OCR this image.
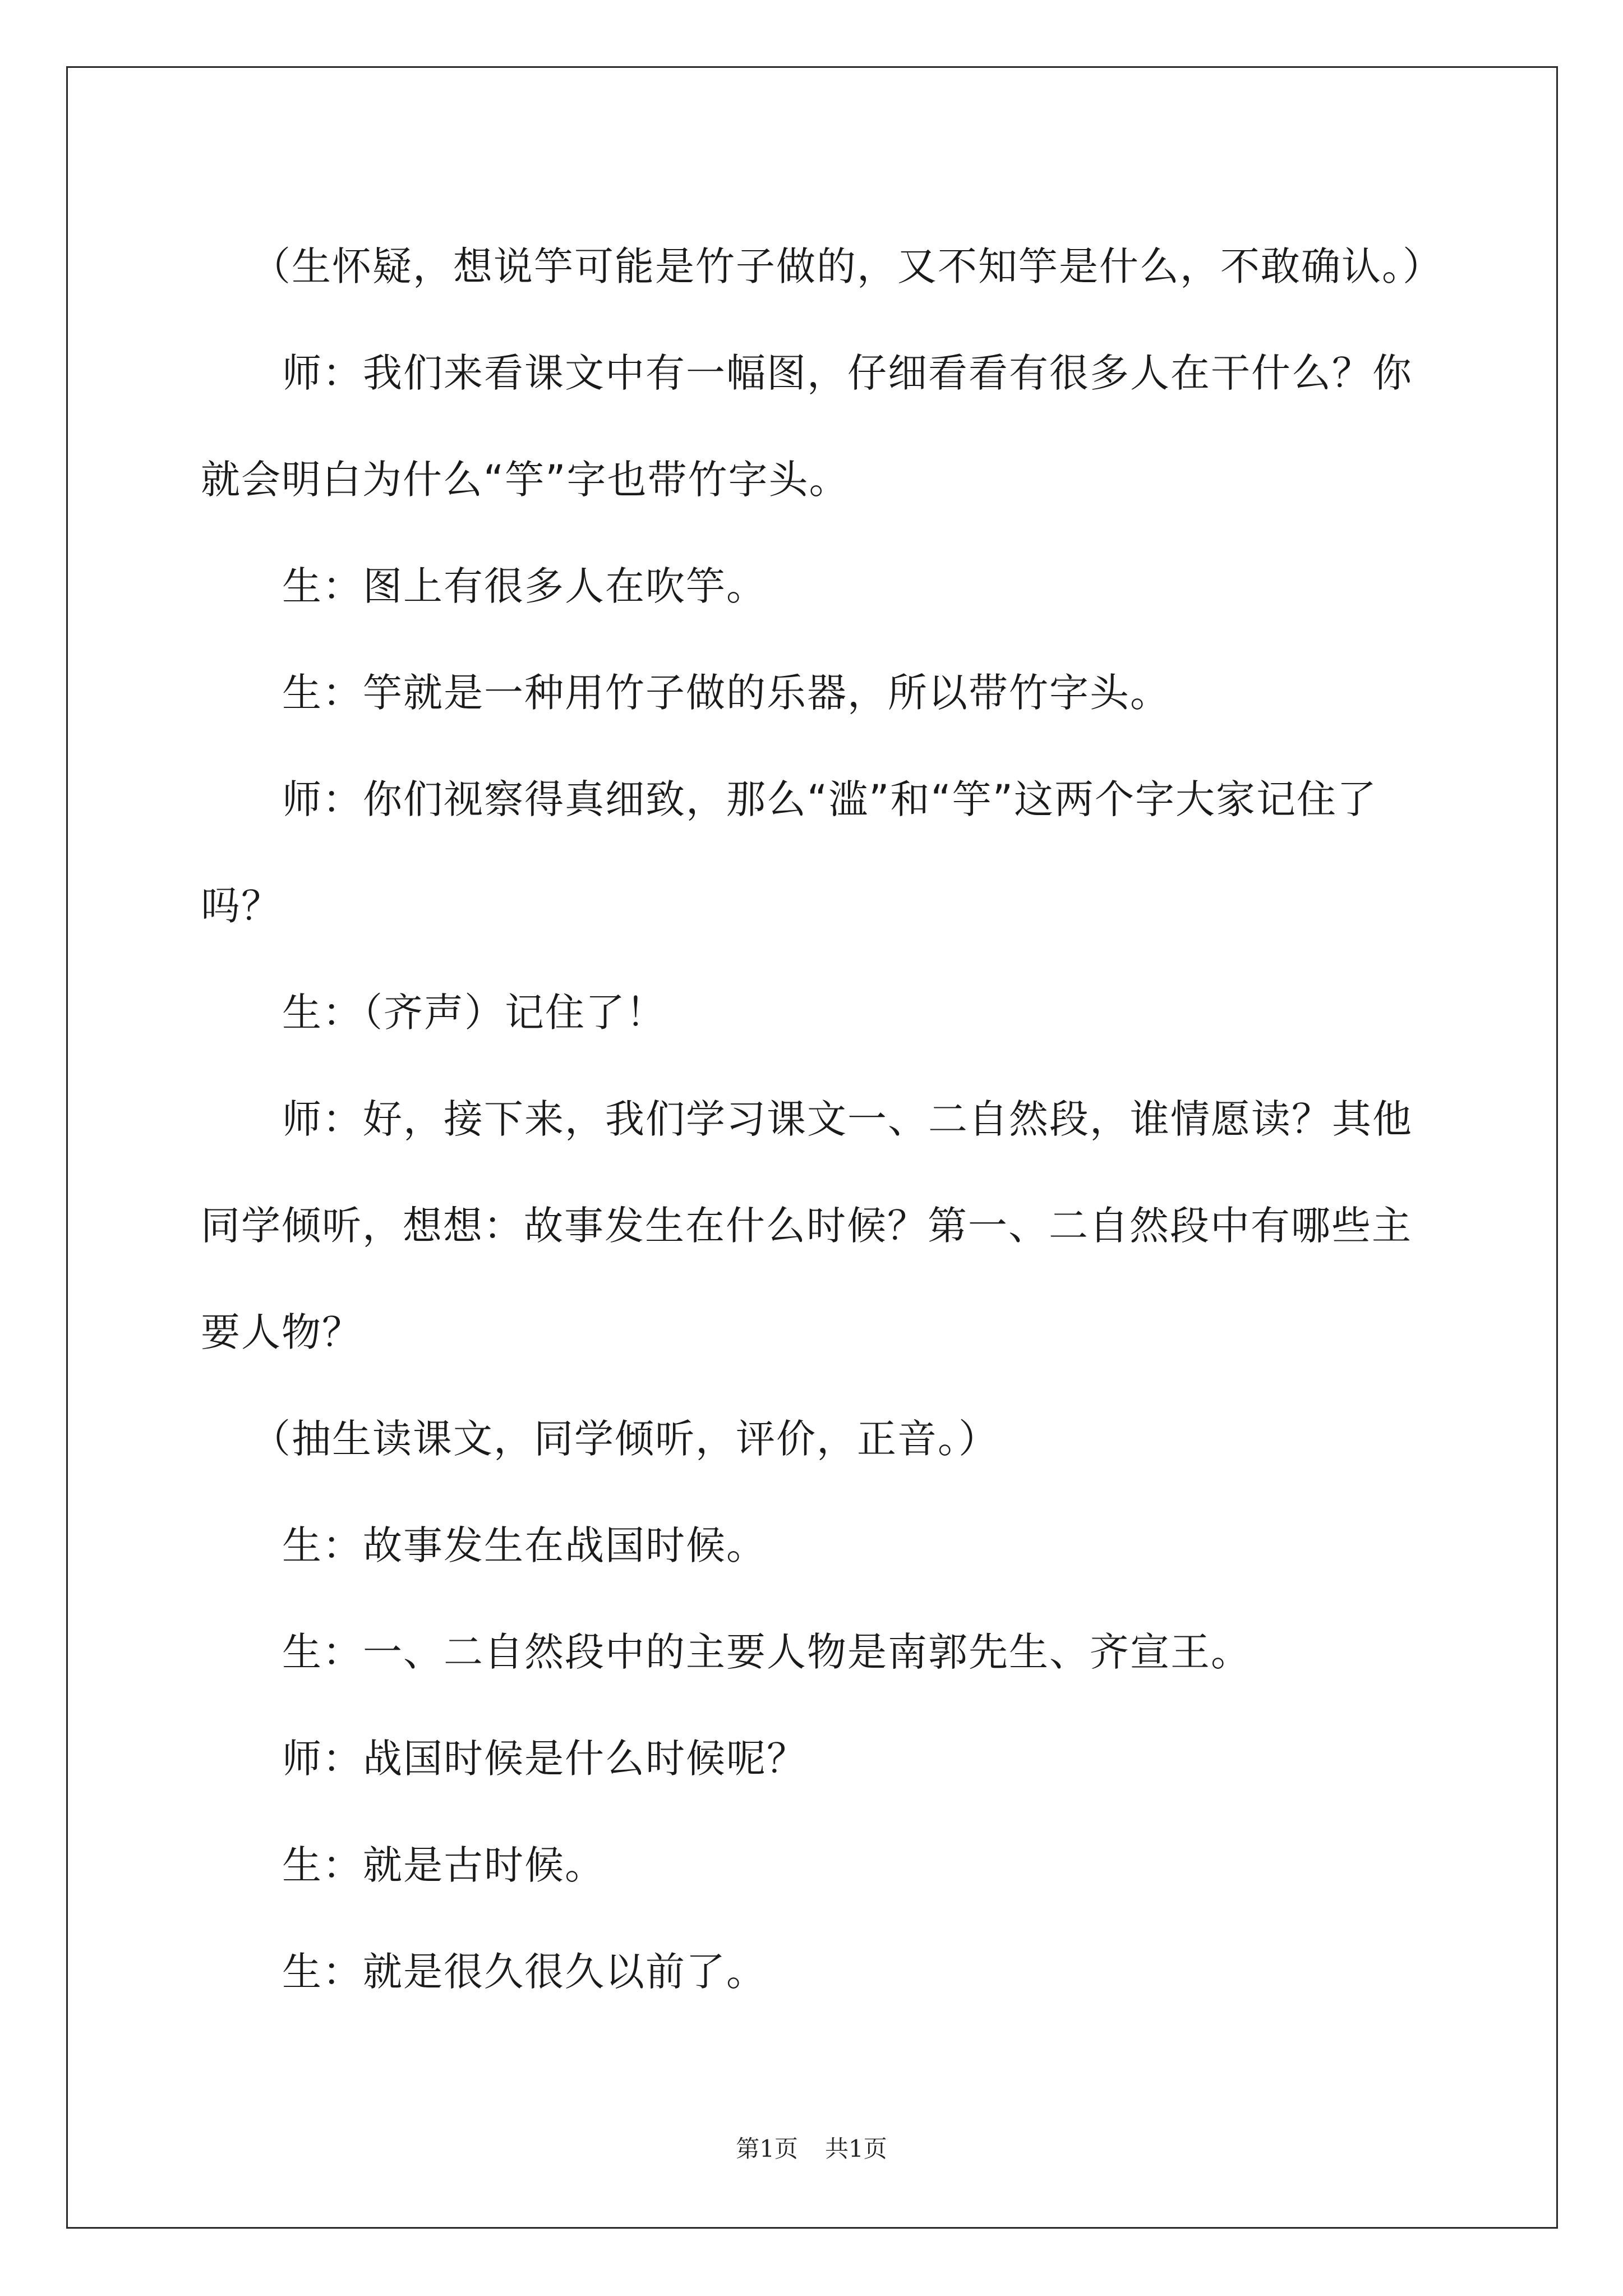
（生怀疑，想说竽可能是竹子做的，又不知竽是什么，不敢确认。）

师：我们来看课文中有一幅图，仔细看看有很多人在干什么？你就会明白为什么“竽”字也带竹字头。

生：图上有很多人在吹竽。

生：竽就是一种用竹子做的乐器，所以带竹字头。

师：你们视察得真细致，那么“滥”和“竽”这两个字大家记住了吗？

生：（齐声）记住了！

师：好，接下来，我们学习课文一、二自然段，谁情愿读？其他同学倾听，想想：故事发生在什么时候？第一、二自然段中有哪些主要人物？

（抽生读课文，同学倾听，评价，正音。）

生：故事发生在战国时候。

生：一、二自然段中的主要人物是南郭先生、齐宣王。

师：战国时候是什么时候呢？

生：就是古时候。

生：就是很久很久以前了。

第1页 共1页
